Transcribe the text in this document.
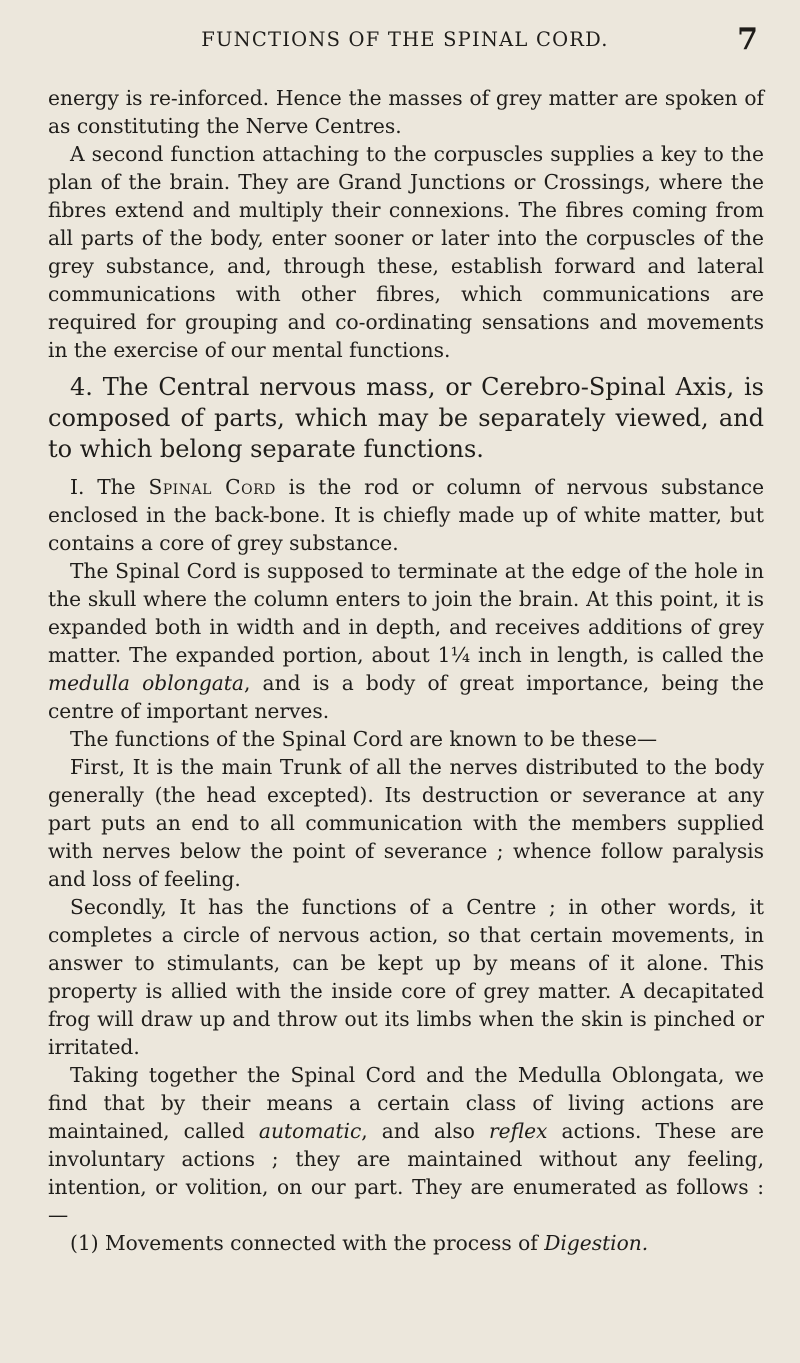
FUNCTIONS OF THE SPINAL CORD.	7

energy is re-inforced. Hence the masses of grey matter are spoken of as constituting the Nerve Centres.

A second function attaching to the corpuscles supplies a key to the plan of the brain. They are Grand Junctions or Crossings, where the fibres extend and multiply their connexions. The fibres coming from all parts of the body, enter sooner or later into the corpuscles of the grey substance, and, through these, establish forward and lateral communications with other fibres, which communications are required for grouping and co-ordinating sensations and movements in the exercise of our mental functions.

4. The Central nervous mass, or Cerebro-Spinal Axis, is composed of parts, which may be separately viewed, and to which belong separate functions.

I. The Spinal Cord is the rod or column of nervous substance enclosed in the back-bone. It is chiefly made up of white matter, but contains a core of grey substance.

The Spinal Cord is supposed to terminate at the edge of the hole in the skull where the column enters to join the brain. At this point, it is expanded both in width and in depth, and receives additions of grey matter. The expanded portion, about 1¼ inch in length, is called the medulla oblongata, and is a body of great importance, being the centre of important nerves.

The functions of the Spinal Cord are known to be these—

First, It is the main Trunk of all the nerves distributed to the body generally (the head excepted). Its destruction or severance at any part puts an end to all communication with the members supplied with nerves below the point of severance ; whence follow paralysis and loss of feeling.

Secondly, It has the functions of a Centre ; in other words, it completes a circle of nervous action, so that certain movements, in answer to stimulants, can be kept up by means of it alone. This property is allied with the inside core of grey matter. A decapitated frog will draw up and throw out its limbs when the skin is pinched or irritated.

Taking together the Spinal Cord and the Medulla Oblongata, we find that by their means a certain class of living actions are maintained, called automatic, and also reflex actions. These are involuntary actions ; they are maintained without any feeling, intention, or volition, on our part. They are enumerated as follows : —

(1) Movements connected with the process of Digestion.
